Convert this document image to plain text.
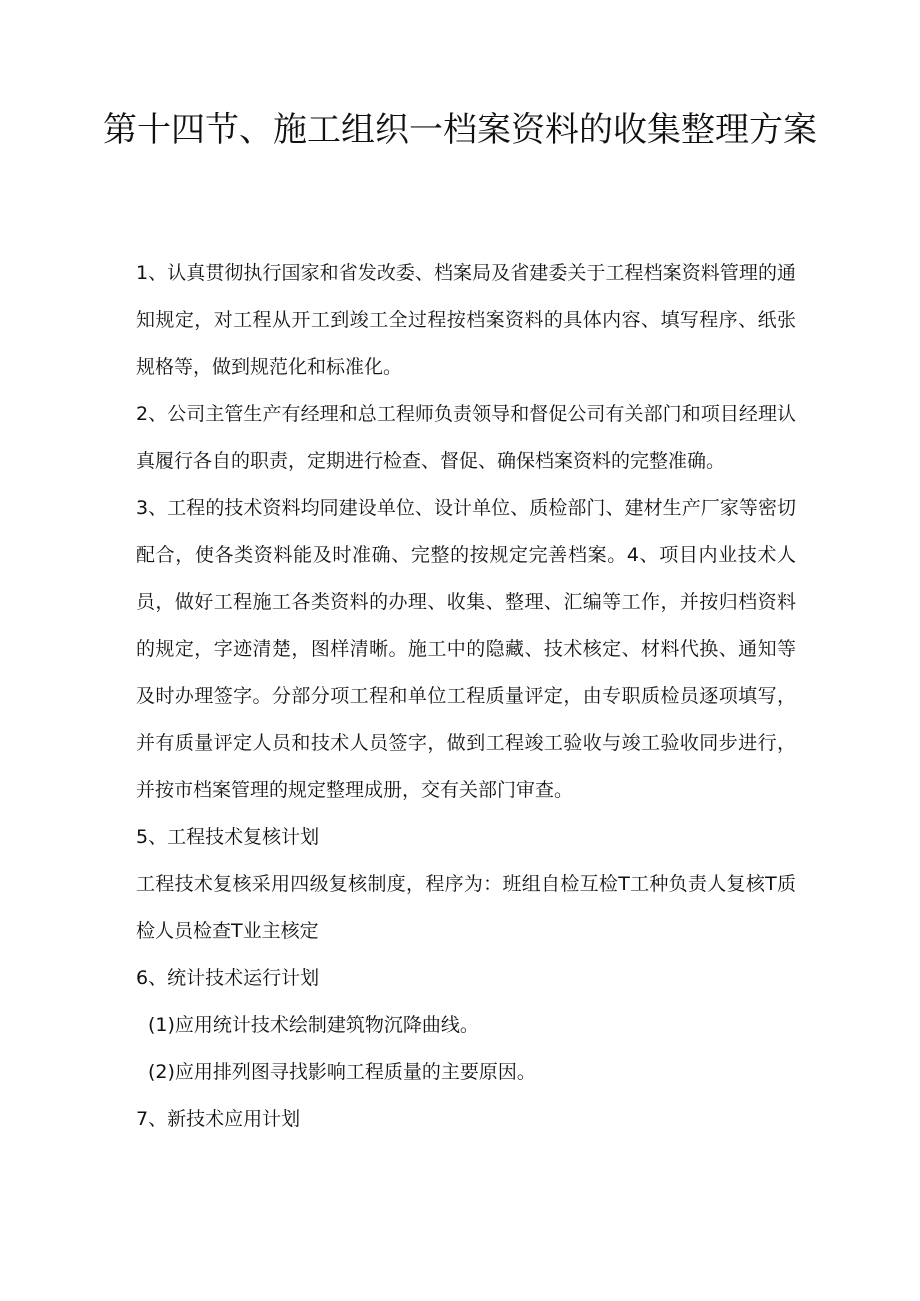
第十四节、施工组织一档案资料的收集整理方案

1、认真贯彻执行国家和省发改委、档案局及省建委关于工程档案资料管理的通知规定，对工程从开工到竣工全过程按档案资料的具体内容、填写程序、纸张规格等，做到规范化和标准化。

2、公司主管生产有经理和总工程师负责领导和督促公司有关部门和项目经理认真履行各自的职责，定期进行检查、督促、确保档案资料的完整准确。

3、工程的技术资料均同建设单位、设计单位、质检部门、建材生产厂家等密切配合，使各类资料能及时准确、完整的按规定完善档案。4、项目内业技术人员，做好工程施工各类资料的办理、收集、整理、汇编等工作，并按归档资料的规定，字迹清楚，图样清晰。施工中的隐藏、技术核定、材料代换、通知等及时办理签字。分部分项工程和单位工程质量评定，由专职质检员逐项填写，并有质量评定人员和技术人员签字，做到工程竣工验收与竣工验收同步进行，并按市档案管理的规定整理成册，交有关部门审查。

5、工程技术复核计划

工程技术复核采用四级复核制度，程序为：班组自检互检T工种负责人复核T质检人员检查T业主核定

6、统计技术运行计划

(1)应用统计技术绘制建筑物沉降曲线。

(2)应用排列图寻找影响工程质量的主要原因。

7、新技术应用计划
